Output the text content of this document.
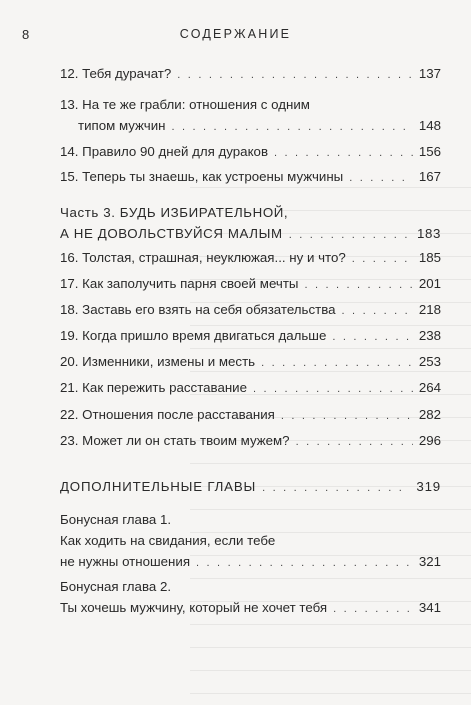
8	СОДЕРЖАНИЕ
12. Тебя дурачат? . . .	137
13. На те же грабли: отношения с одним
типом мужчин . . .	148
14. Правило 90 дней для дураков . . .	156
15. Теперь ты знаешь, как устроены мужчины . . .	167
Часть 3. БУДЬ ИЗБИРАТЕЛЬНОЙ,
А НЕ ДОВОЛЬСТВУЙСЯ МАЛЫМ . . .	183
16. Толстая, страшная, неуклюжая... ну и что? . . .	185
17. Как заполучить парня своей мечты . . .	201
18. Заставь его взять на себя обязательства . . .	218
19. Когда пришло время двигаться дальше . . .	238
20. Изменники, измены и месть . . .	253
21. Как пережить расставание . . .	264
22. Отношения после расставания . . .	282
23. Может ли он стать твоим мужем? . . .	296
ДОПОЛНИТЕЛЬНЫЕ ГЛАВЫ . . .	319
Бонусная глава 1.
Как ходить на свидания, если тебе
не нужны отношения . . .	321
Бонусная глава 2.
Ты хочешь мужчину, который не хочет тебя . . .	341
